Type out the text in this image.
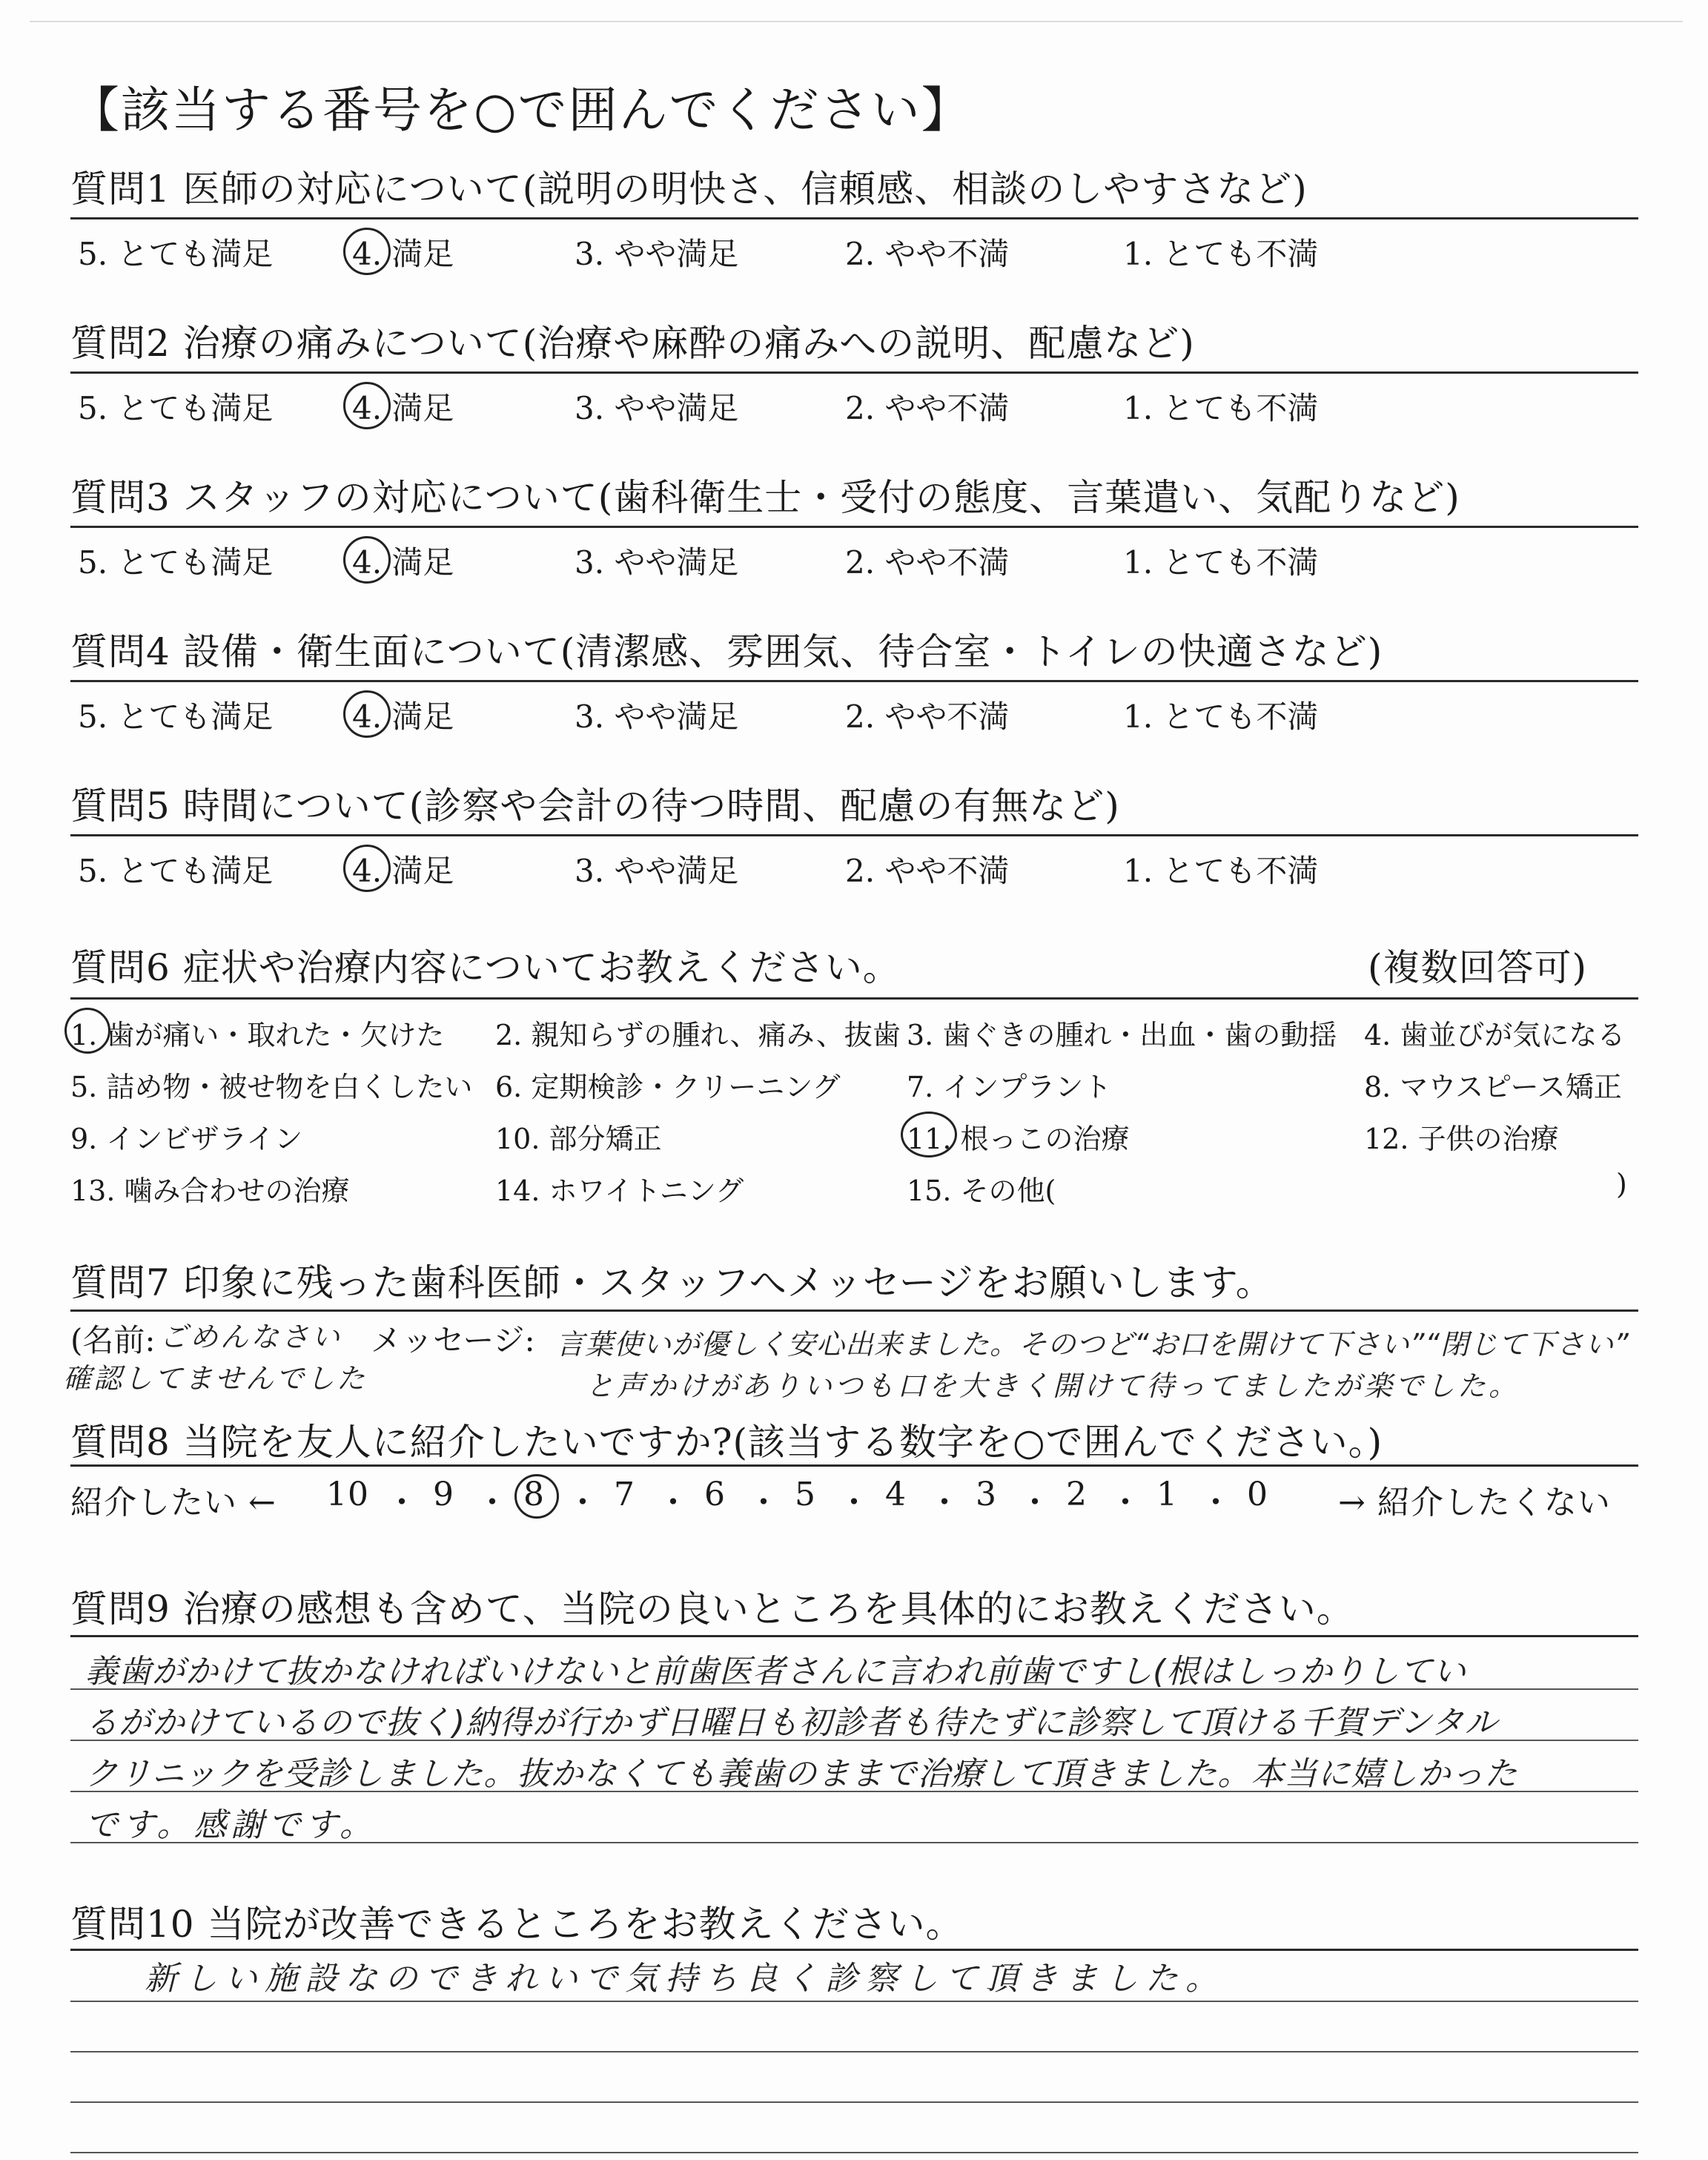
【該当する番号を○で囲んでください】
質問1 医師の対応について(説明の明快さ、信頼感、相談のしやすさなど)
5. とても満足	4. 満足	3. やや満足	2. やや不満	1. とても不満
質問2 治療の痛みについて(治療や麻酔の痛みへの説明、配慮など)
5. とても満足	4. 満足	3. やや満足	2. やや不満	1. とても不満
質問3 スタッフの対応について(歯科衛生士・受付の態度、言葉遣い、気配りなど)
5. とても満足	4. 満足	3. やや満足	2. やや不満	1. とても不満
質問4 設備・衛生面について(清潔感、雰囲気、待合室・トイレの快適さなど)
5. とても満足	4. 満足	3. やや満足	2. やや不満	1. とても不満
質問5 時間について(診察や会計の待つ時間、配慮の有無など)
5. とても満足	4. 満足	3. やや満足	2. やや不満	1. とても不満
質問6 症状や治療内容についてお教えください。	(複数回答可)
1. 歯が痛い・取れた・欠けた 2. 親知らずの腫れ、痛み、抜歯 3. 歯ぐきの腫れ・出血・歯の動揺 4. 歯並びが気になる
5. 詰め物・被せ物を白くしたい 6. 定期検診・クリーニング 7. インプラント	8. マウスピース矯正
9. インビザライン	10. 部分矯正	11. 根っこの治療	12. 子供の治療
13. 噛み合わせの治療	14. ホワイトニング	15. その他(	)
質問7 印象に残った歯科医師・スタッフへメッセージをお願いします。
(名前: ごめんなさい
確認してませんでした
メッセージ: 言葉使いが優しく安心出来ました。そのつど“お口を開けて下さい”“閉じて下さい”
と声かけがありいつも口を大きく開けて待ってましたが楽でした。
質問8 当院を友人に紹介したいですか?(該当する数字を○で囲んでください。)
紹介したい ← 10 ・ 9 ・ 8 ・ 7 ・ 6 ・ 5 ・ 4 ・ 3 ・ 2 ・ 1 ・ 0 → 紹介したくない
質問9 治療の感想も含めて、当院の良いところを具体的にお教えください。
義歯がかけて抜かなければいけないと前歯医者さんに言われ前歯ですし(根はしっかりしてい
るがかけているので抜く)納得が行かず日曜日も初診者も待たずに診察して頂ける千賀デンタル
クリニックを受診しました。抜かなくても義歯のままで治療して頂きました。本当に嬉しかった
です。感謝です。
質問10 当院が改善できるところをお教えください。
新しい施設なのできれいで気持ち良く診察して頂きました。
